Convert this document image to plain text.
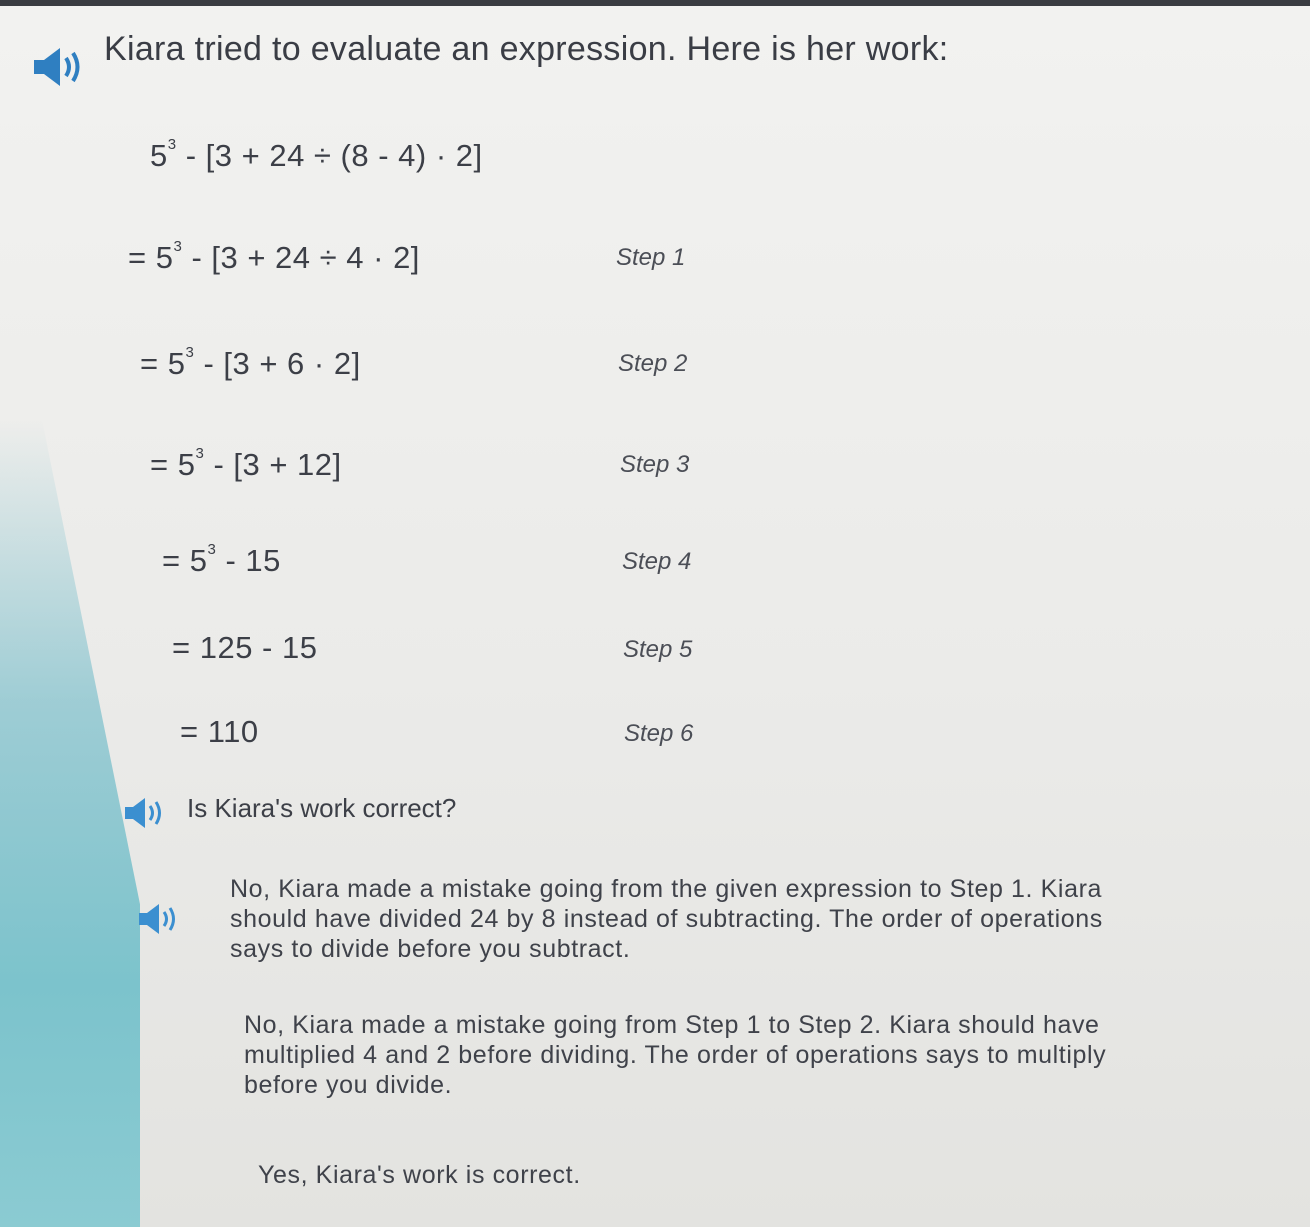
Kiara tried to evaluate an expression. Here is her work:
$5^3 - [3 + 24 \div (8 - 4) \cdot 2]$
= $5^3 - [3 + 24 \div 4 \cdot 2]$	Step 1
= $5^3 - [3 + 6 \cdot 2]$	Step 2
= $5^3 - [3 + 12]$	Step 3
= $5^3 - 15$	Step 4
= 125 - 15	Step 5
= 110	Step 6
Is Kiara's work correct?
No, Kiara made a mistake going from the given expression to Step 1. Kiara
should have divided 24 by 8 instead of subtracting. The order of operations
says to divide before you subtract.
No, Kiara made a mistake going from Step 1 to Step 2. Kiara should have
multiplied 4 and 2 before dividing. The order of operations says to multiply
before you divide.
Yes, Kiara's work is correct.
